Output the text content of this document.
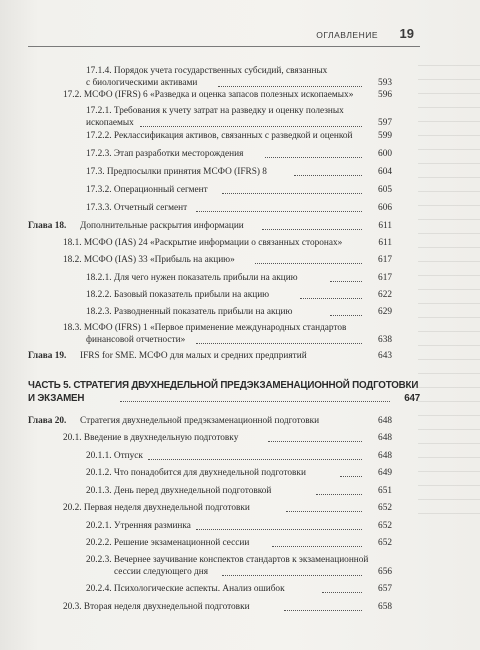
ОГЛАВЛЕНИЕ 19
17.1.4. Порядок учета государственных субсидий, связанных
с биологическими активами	593
17.2. МСФО (IFRS) 6 «Разведка и оценка запасов полезных ископаемых»	596
17.2.1. Требования к учету затрат на разведку и оценку полезных
ископаемых	597
17.2.2. Реклассификация активов, связанных с разведкой и оценкой	599
17.2.3. Этап разработки месторождения	600
17.3. Предпосылки принятия МСФО (IFRS) 8	604
17.3.2. Операционный сегмент	605
17.3.3. Отчетный сегмент	606
Глава 18. Дополнительные раскрытия информации	611
18.1. МСФО (IAS) 24 «Раскрытие информации о связанных сторонах»	611
18.2. МСФО (IAS) 33 «Прибыль на акцию»	617
18.2.1. Для чего нужен показатель прибыли на акцию	617
18.2.2. Базовый показатель прибыли на акцию	622
18.2.3. Разводненный показатель прибыли на акцию	629
18.3. МСФО (IFRS) 1 «Первое применение международных стандартов
финансовой отчетности»	638
Глава 19. IFRS for SME. МСФО для малых и средних предприятий	643
ЧАСТЬ 5. СТРАТЕГИЯ ДВУХНЕДЕЛЬНОЙ ПРЕДЭКЗАМЕНАЦИОННОЙ ПОДГОТОВКИ
И ЭКЗАМЕН	647
Глава 20. Стратегия двухнедельной предэкзаменационной подготовки	648
20.1. Введение в двухнедельную подготовку	648
20.1.1. Отпуск	648
20.1.2. Что понадобится для двухнедельной подготовки	649
20.1.3. День перед двухнедельной подготовкой	651
20.2. Первая неделя двухнедельной подготовки	652
20.2.1. Утренняя разминка	652
20.2.2. Решение экзаменационной сессии	652
20.2.3. Вечернее заучивание конспектов стандартов к экзаменационной
сессии следующего дня	656
20.2.4. Психологические аспекты. Анализ ошибок	657
20.3. Вторая неделя двухнедельной подготовки	658
